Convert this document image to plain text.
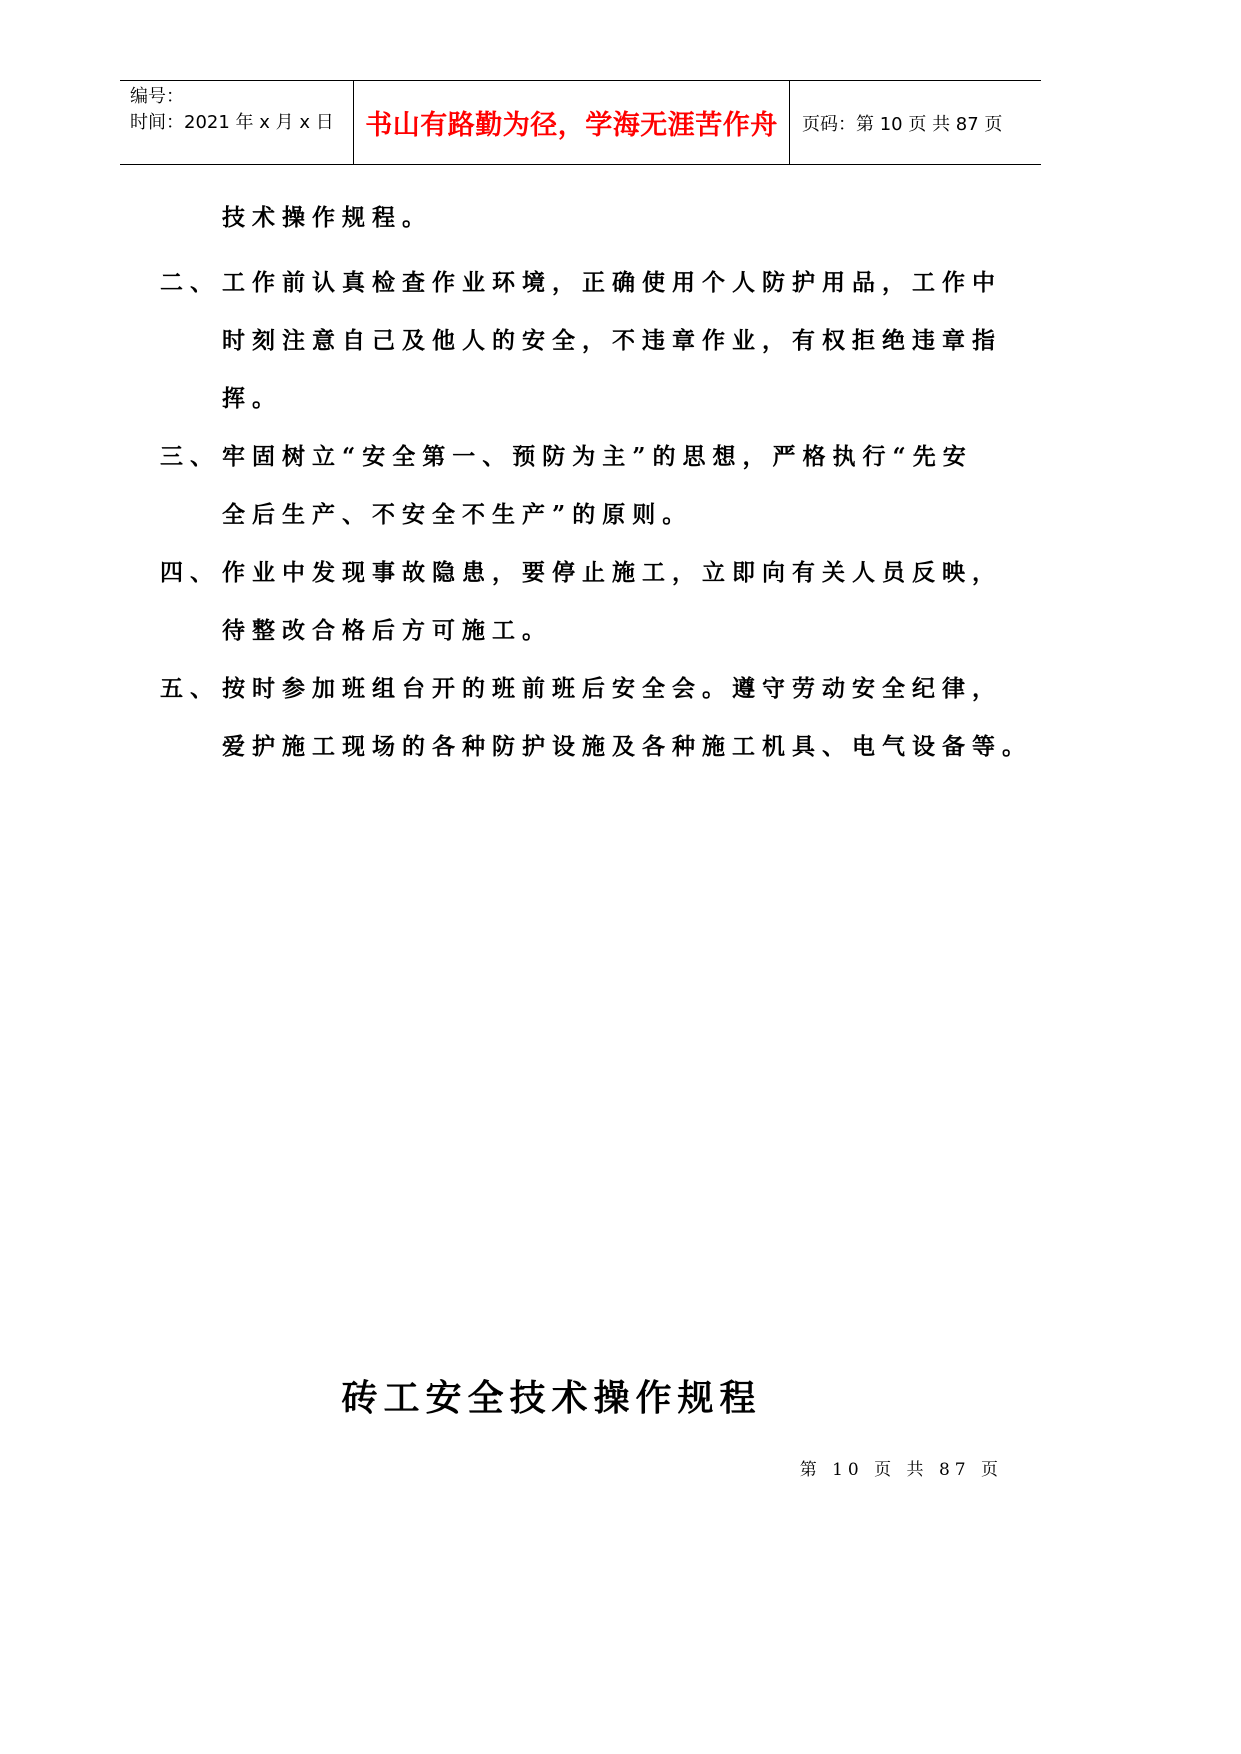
编号：
时间：2021 年 x 月 x 日	书山有路勤为径，学海无涯苦作舟	页码：第 10 页 共 87 页
技术操作规程。
二、 工作前认真检查作业环境，正确使用个人防护用品，工作中
时刻注意自己及他人的安全，不违章作业，有权拒绝违章指
挥。
三、 牢固树立“安全第一、预防为主”的思想，严格执行“先安
全后生产、不安全不生产”的原则。
四、 作业中发现事故隐患，要停止施工，立即向有关人员反映，
待整改合格后方可施工。
五、 按时参加班组台开的班前班后安全会。遵守劳动安全纪律，
爱护施工现场的各种防护设施及各种施工机具、电气设备等。
砖工安全技术操作规程
第 10 页 共 87 页
